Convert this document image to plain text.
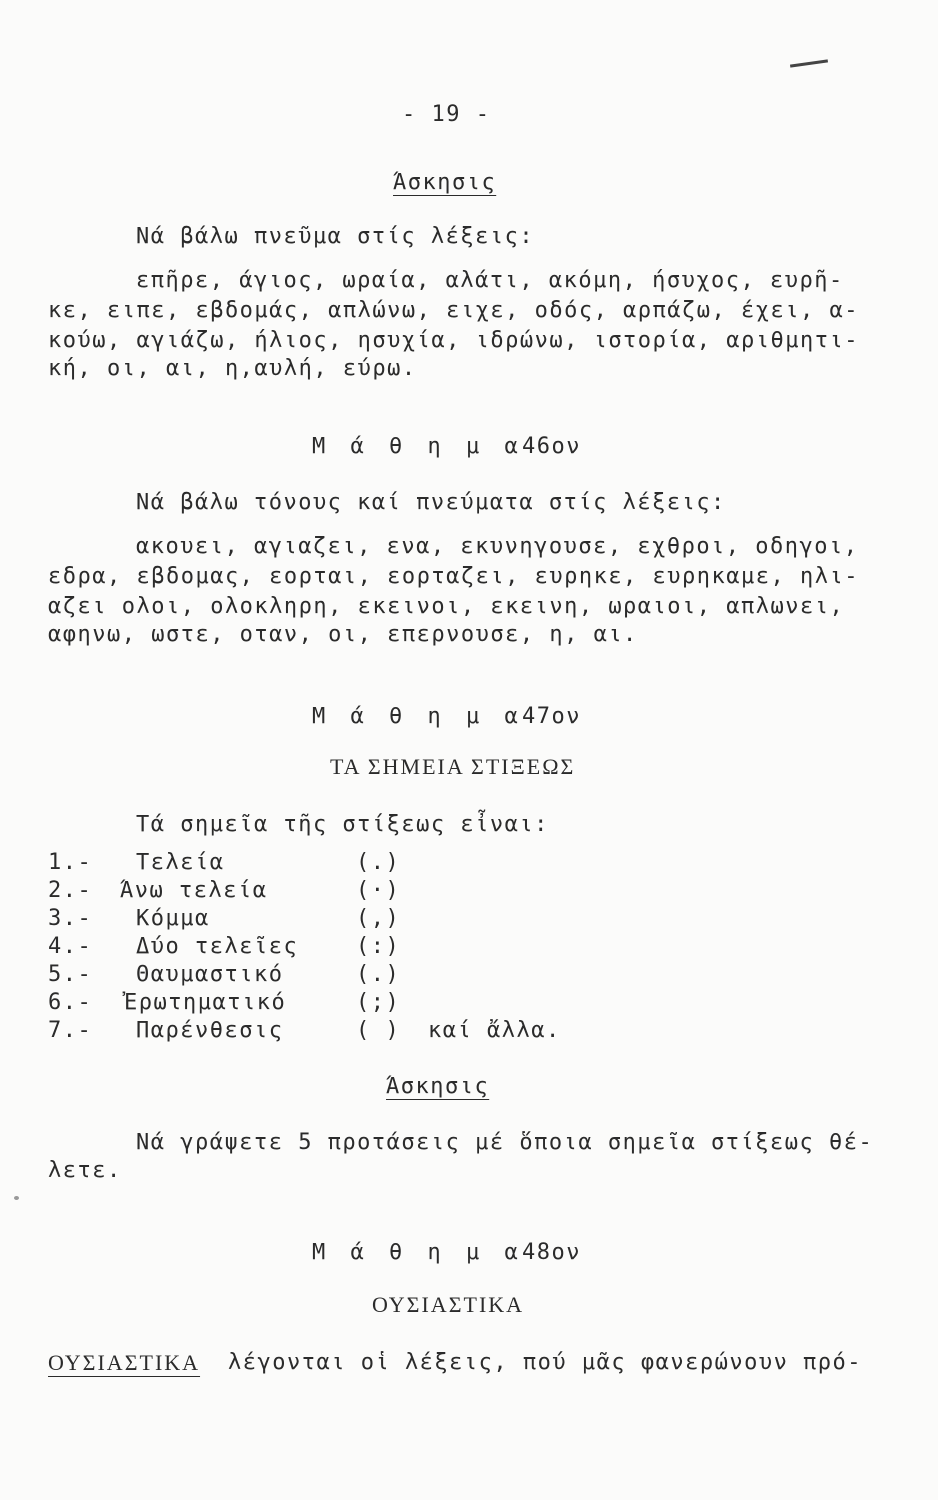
- 19 -
Άσκησις
Νά βάλω πνεῦμα στίς λέξεις:
επῆρε, άγιος, ωραία, αλάτι, ακόμη, ήσυχος, ευρῆ-
κε, ειπε, εβδομάς, απλώνω, ειχε, οδός, αρπάζω, έχει, α-
κούω, αγιάζω, ήλιος, ησυχία, ιδρώνω, ιστορία, αριθμητι-
κή, οι, αι, η,αυλή, εύρω.
Μ ά θ η μ α
46ον
Νά βάλω τόνους καί πνεύματα στίς λέξεις:
ακουει, αγιαζει, ενα, εκυνηγουσε, εχθροι, οδηγοι,
εδρα, εβδομας, εορται, εορταζει, ευρηκε, ευρηκαμε, ηλι-
αζει ολοι, ολοκληρη, εκεινοι, εκεινη, ωραιοι, απλωνει,
αφηνω, ωστε, οταν, οι, επερνουσε, η, αι.
Μ ά θ η μ α
47ον
ΤΑ ΣΗΜΕΙΑ ΣΤΙΞΕΩΣ
Τά σημεῖα τῆς στίξεως εἶναι:
1.- Τελεία	(.)
2.- Άνω τελεία	(·)
3.- Κόμμα	(,)
4.- Δύο τελεῖες	(:)
5.- Θαυμαστικό	(.)
6.- Ἐρωτηματικό	(;)
7.- Παρένθεσις	( ) καί ἄλλα.
Άσκησις
Νά γράψετε 5 προτάσεις μέ ὅποια σημεῖα στίξεως θέ-
λετε.
Μ ά θ η μ α
48ον
ΟΥΣΙΑΣΤΙΚΑ
ΟΥΣΙΑΣΤΙΚΑ λέγονται οἱ λέξεις, πού μᾶς φανερώνουν πρό-
